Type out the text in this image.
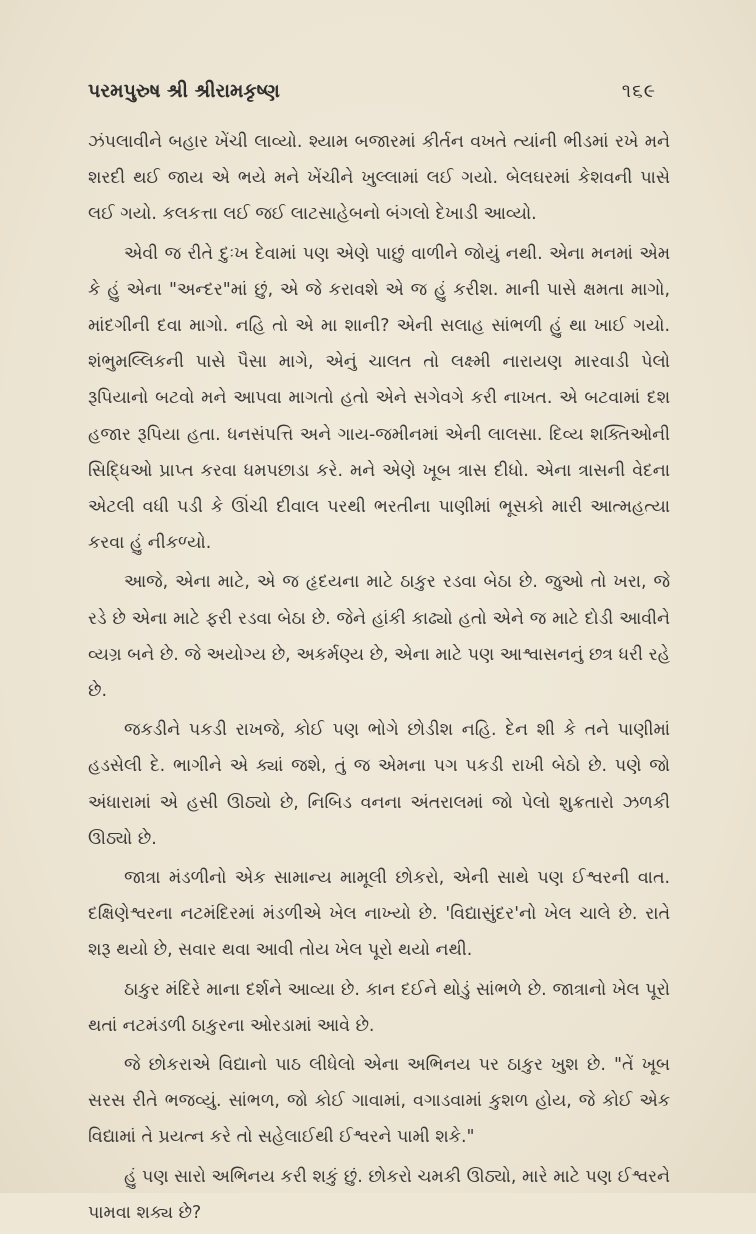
પરમપુરુષ શ્રી શ્રીરામકૃષ્ણ	૧૬૯

ઝંપલાવીને બહાર ખેંચી લાવ્યો. શ્યામ બજારમાં કીર્તન વખતે ત્યાંની ભીડમાં રખે મને શરદી થઈ જાય એ ભયે મને ખેંચીને ખુલ્લામાં લઈ ગયો. બેલઘરમાં કેશવની પાસે લઈ ગયો. કલકત્તા લઈ જઈ લાટસાહેબનો બંગલો દેખાડી આવ્યો.

એવી જ રીતે દુઃખ દેવામાં પણ એણે પાછું વાળીને જોયું નથી. એના મનમાં એમ કે હું એના "અન્દર"માં છું, એ જે કરાવશે એ જ હું કરીશ. માની પાસે ક્ષમતા માગો, માંદગીની દવા માગો. નહિ તો એ મા શાની? એની સલાહ સાંભળી હું થા ખાઈ ગયો. શંભુમલ્લિકની પાસે પૈસા માગે, એનું ચાલત તો લક્ષ્મી નારાયણ મારવાડી પેલો રૂપિયાનો બટવો મને આપવા માગતો હતો એને સગેવગે કરી નાખત. એ બટવામાં દશ હજાર રૂપિયા હતા. ધનસંપત્તિ અને ગાય-જમીનમાં એની લાલસા. દિવ્ય શક્તિઓની સિદ્ધિઓ પ્રાપ્ત કરવા ધમપછાડા કરે. મને એણે ખૂબ ત્રાસ દીધો. એના ત્રાસની વેદના એટલી વધી પડી કે ઊંચી દીવાલ પરથી ભરતીના પાણીમાં ભૂસકો મારી આત્મહત્યા કરવા હું નીકળ્યો.

આજે, એના માટે, એ જ હૃદયના માટે ઠાકુર રડવા બેઠા છે. જુઓ તો ખરા, જે રડે છે એના માટે ફરી રડવા બેઠા છે. જેને હાંકી કાઢ્યો હતો એને જ માટે દોડી આવીને વ્યગ્ર બને છે. જે અયોગ્ય છે, અકર્મણ્ય છે, એના માટે પણ આશ્વાસનનું છત્ર ધરી રહે છે.

જકડીને પકડી રાખજે, કોઈ પણ ભોગે છોડીશ નહિ. દેન શી કે તને પાણીમાં હડસેલી દે. ભાગીને એ ક્યાં જશે, તું જ એમના પગ પકડી રાખી બેઠો છે. પણે જો અંધારામાં એ હસી ઊઠ્યો છે, નિબિડ વનના અંતરાલમાં જો પેલો શુક્રતારો ઝળકી ઊઠ્યો છે.

જાત્રા મંડળીનો એક સામાન્ય મામૂલી છોકરો, એની સાથે પણ ઈશ્વરની વાત. દક્ષિણેશ્વરના નટમંદિરમાં મંડળીએ ખેલ નાખ્યો છે. 'વિદ્યાસુંદર'નો ખેલ ચાલે છે. રાતે શરૂ થયો છે, સવાર થવા આવી તોય ખેલ પૂરો થયો નથી.

ઠાકુર મંદિરે માના દર્શને આવ્યા છે. કાન દઈને થોડું સાંભળે છે. જાત્રાનો ખેલ પૂરો થતાં નટમંડળી ઠાકુરના ઓરડામાં આવે છે.

જે છોકરાએ વિદ્યાનો પાઠ લીધેલો એના અભિનય પર ઠાકુર ખુશ છે. "તેં ખૂબ સરસ રીતે ભજવ્યું. સાંભળ, જો કોઈ ગાવામાં, વગાડવામાં કુશળ હોય, જે કોઈ એક વિદ્યામાં તે પ્રયત્ન કરે તો સહેલાઈથી ઈશ્વરને પામી શકે."

હું પણ સારો અભિનય કરી શકું છું. છોકરો ચમકી ઊઠ્યો, મારે માટે પણ ઈશ્વરને પામવા શક્ય છે?
